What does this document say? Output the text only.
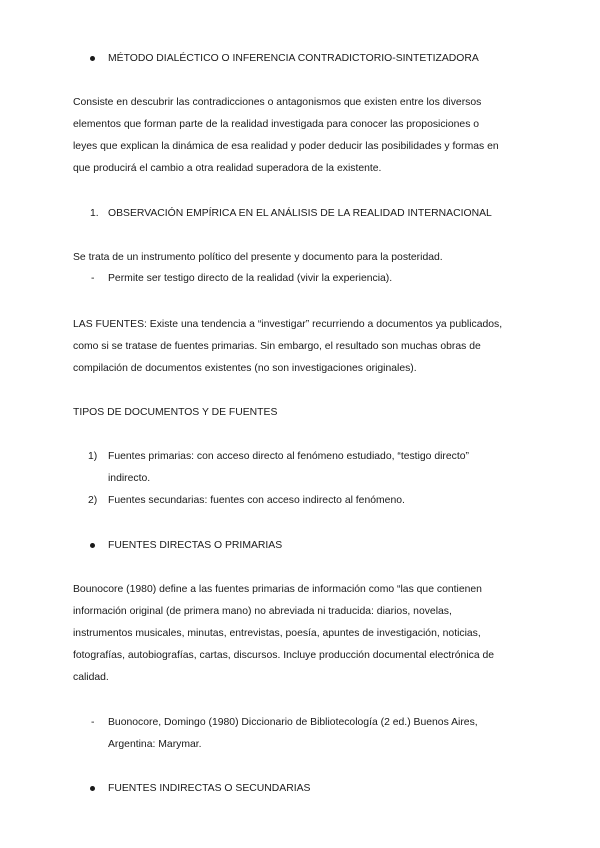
MÉTODO DIALÉCTICO O INFERENCIA CONTRADICTORIO-SINTETIZADORA
Consiste en descubrir las contradicciones o antagonismos que existen entre los diversos
elementos que forman parte de la realidad investigada para conocer las proposiciones o
leyes que explican la dinámica de esa realidad y poder deducir las posibilidades y formas en
que producirá el cambio a otra realidad superadora de la existente.
1. OBSERVACIÓN EMPÍRICA EN EL ANÁLISIS DE LA REALIDAD INTERNACIONAL
Se trata de un instrumento político del presente y documento para la posteridad.
- Permite ser testigo directo de la realidad (vivir la experiencia).
LAS FUENTES: Existe una tendencia a “investigar” recurriendo a documentos ya publicados,
como si se tratase de fuentes primarias. Sin embargo, el resultado son muchas obras de
compilación de documentos existentes (no son investigaciones originales).
TIPOS DE DOCUMENTOS Y DE FUENTES
1) Fuentes primarias: con acceso directo al fenómeno estudiado, “testigo directo”
indirecto.
2) Fuentes secundarias: fuentes con acceso indirecto al fenómeno.
FUENTES DIRECTAS O PRIMARIAS
Bounocore (1980) define a las fuentes primarias de información como “las que contienen
información original (de primera mano) no abreviada ni traducida: diarios, novelas,
instrumentos musicales, minutas, entrevistas, poesía, apuntes de investigación, noticias,
fotografías, autobiografías, cartas, discursos. Incluye producción documental electrónica de
calidad.
- Buonocore, Domingo (1980) Diccionario de Bibliotecología (2 ed.) Buenos Aires,
Argentina: Marymar.
FUENTES INDIRECTAS O SECUNDARIAS
